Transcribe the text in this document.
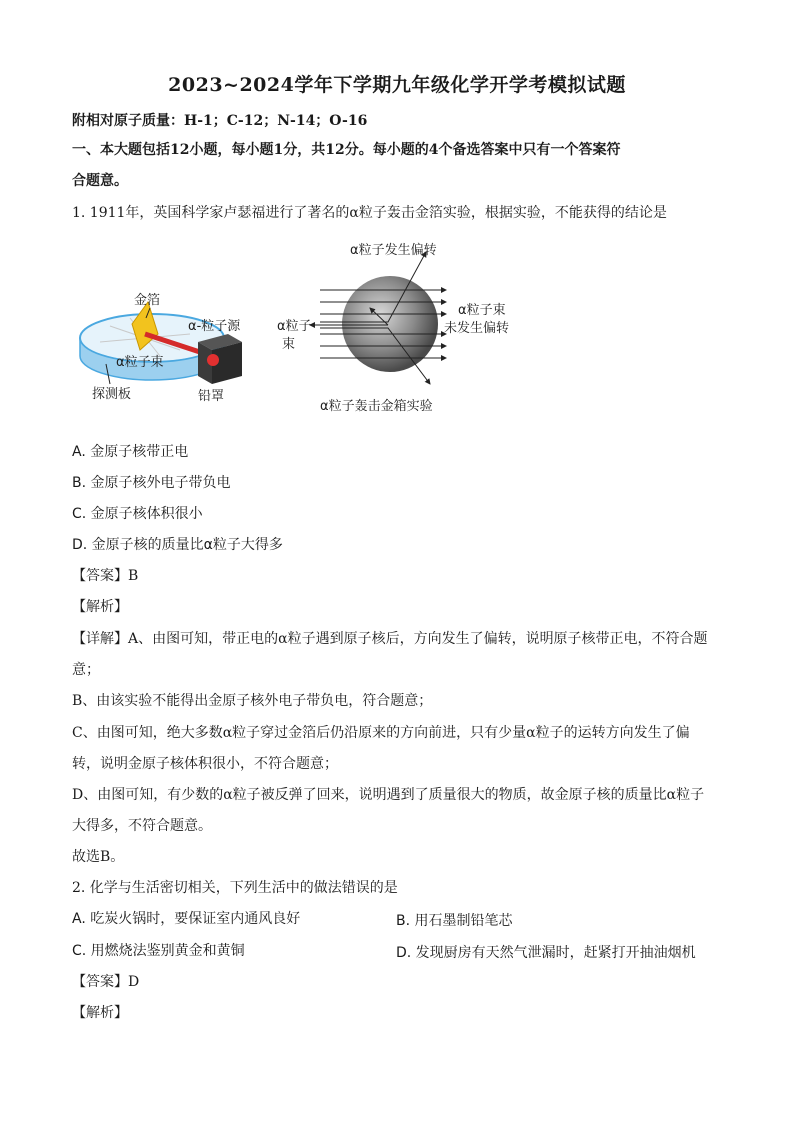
2023~2024学年下学期九年级化学开学考模拟试题
附相对原子质量：H-1；C-12；N-14；O-16
一、本大题包括12小题，每小题1分，共12分。每小题的4个备选答案中只有一个答案符
合题意。
1. 1911年，英国科学家卢瑟福进行了著名的α粒子轰击金箔实验，根据实验，不能获得的结论是
金箔
α-粒子源
α粒子束
探测板	铅罩
α粒子发生偏转
α粒子
束
α粒子束
未发生偏转
α粒子轰击金箱实验
A. 金原子核带正电
B. 金原子核外电子带负电
C. 金原子核体积很小
D. 金原子核的质量比α粒子大得多
【答案】B
【解析】
【详解】A、由图可知，带正电的α粒子遇到原子核后，方向发生了偏转，说明原子核带正电，不符合题
意；
B、由该实验不能得出金原子核外电子带负电，符合题意；
C、由图可知，绝大多数α粒子穿过金箔后仍沿原来的方向前进，只有少量α粒子的运转方向发生了偏
转，说明金原子核体积很小，不符合题意；
D、由图可知，有少数的α粒子被反弹了回来，说明遇到了质量很大的物质，故金原子核的质量比α粒子
大得多，不符合题意。
故选B。
2. 化学与生活密切相关，下列生活中的做法错误的是
A. 吃炭火锅时，要保证室内通风良好	B. 用石墨制铅笔芯
C. 用燃烧法鉴别黄金和黄铜	D. 发现厨房有天然气泄漏时，赶紧打开抽油烟机
【答案】D
【解析】
